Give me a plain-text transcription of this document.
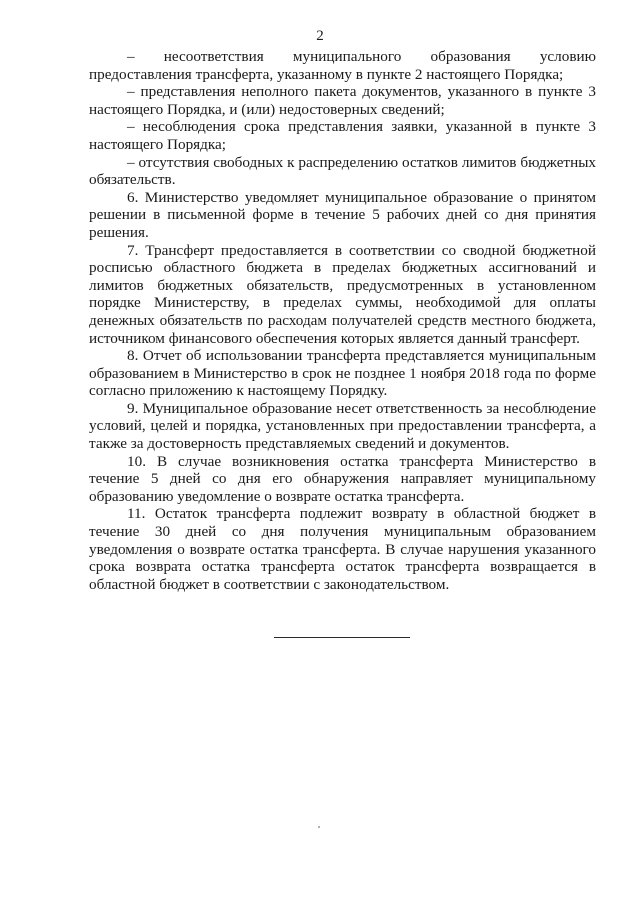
2

– несоответствия муниципального образования условию предоставления трансферта, указанному в пункте 2 настоящего Порядка;

– представления неполного пакета документов, указанного в пункте 3 настоящего Порядка, и (или) недостоверных сведений;

– несоблюдения срока представления заявки, указанной в пункте 3 настоящего Порядка;

– отсутствия свободных к распределению остатков лимитов бюджетных обязательств.

6. Министерство уведомляет муниципальное образование о принятом решении в письменной форме в течение 5 рабочих дней со дня принятия решения.

7. Трансферт предоставляется в соответствии со сводной бюджетной росписью областного бюджета в пределах бюджетных ассигнований и лимитов бюджетных обязательств, предусмотренных в установленном порядке Министерству, в пределах суммы, необходимой для оплаты денежных обязательств по расходам получателей средств местного бюджета, источником финансового обеспечения которых является данный трансферт.

8. Отчет об использовании трансферта представляется муниципальным образованием в Министерство в срок не позднее 1 ноября 2018 года по форме согласно приложению к настоящему Порядку.

9. Муниципальное образование несет ответственность за несоблюдение условий, целей и порядка, установленных при предоставлении трансферта, а также за достоверность представляемых сведений и документов.

10. В случае возникновения остатка трансферта Министерство в течение 5 дней со дня его обнаружения направляет муниципальному образованию уведомление о возврате остатка трансферта.

11. Остаток трансферта подлежит возврату в областной бюджет в течение 30 дней со дня получения муниципальным образованием уведомления о возврате остатка трансферта. В случае нарушения указанного срока возврата остатка трансферта остаток трансферта возвращается в областной бюджет в соответствии с законодательством.
